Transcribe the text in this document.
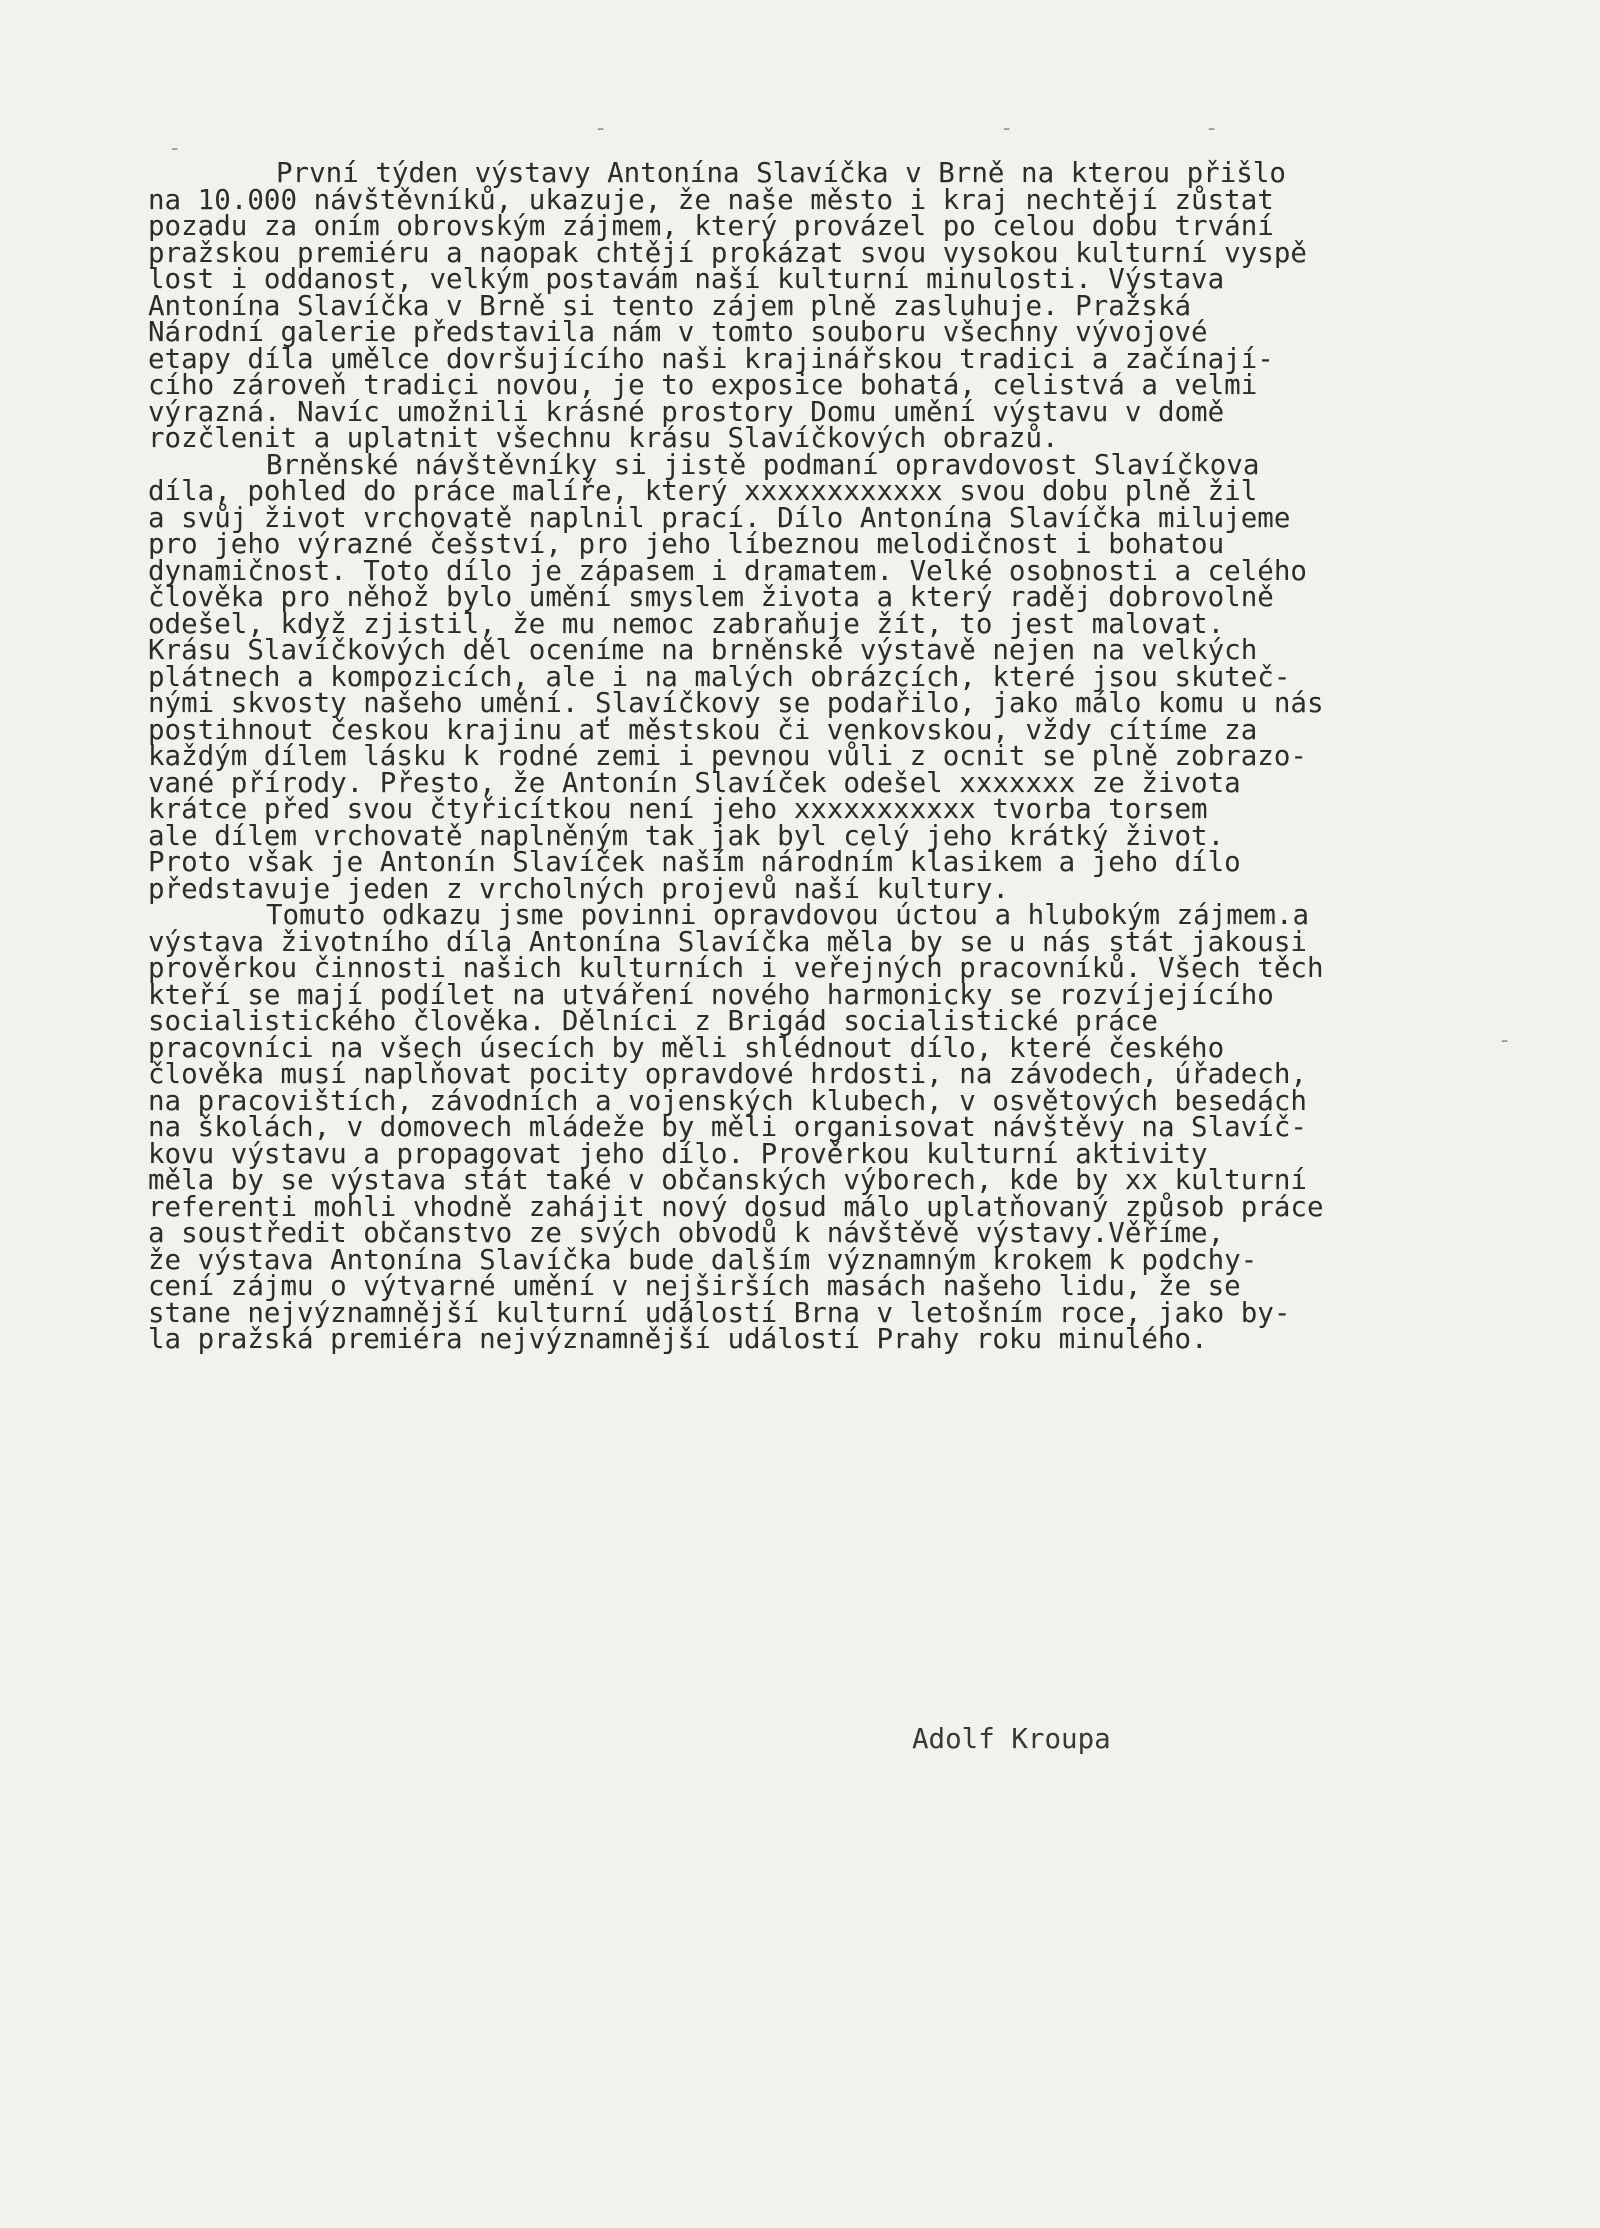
-
-	-	-
-
První týden výstavy Antonína Slavíčka v Brně na kterou přišlo
na 10.000 návštěvníků, ukazuje, že naše město i kraj nechtějí zůstat
pozadu za oním obrovským zájmem, který provázel po celou dobu trvání
pražskou premiéru a naopak chtějí prokázat svou vysokou kulturní vyspě
lost i oddanost, velkým postavám naší kulturní minulosti. Výstava
Antonína Slavíčka v Brně si tento zájem plně zasluhuje. Pražská
Národní galerie představila nám v tomto souboru všechny vývojové
etapy díla umělce dovršujícího naši krajinářskou tradici a začínají-
cího zároveň tradici novou, je to exposice bohatá, celistvá a velmi
výrazná. Navíc umožnili krásné prostory Domu umění výstavu v domě
rozčlenit a uplatnit všechnu krásu Slavíčkových obrazů.
Brněnské návštěvníky si jistě podmaní opravdovost Slavíčkova
díla, pohled do práce malíře, který xxxxxxxxxxxx svou dobu plně žil
a svůj život vrchovatě naplnil prací. Dílo Antonína Slavíčka milujeme
pro jeho výrazné češství, pro jeho líbeznou melodičnost i bohatou
dynamičnost. Toto dílo je zápasem i dramatem. Velké osobnosti a celého
člověka pro něhož bylo umění smyslem života a který raděj dobrovolně
odešel, když zjistil, že mu nemoc zabraňuje žít, to jest malovat.
Krásu Slavíčkových děl oceníme na brněnské výstavě nejen na velkých
plátnech a kompozicích, ale i na malých obrázcích, které jsou skuteč-
nými skvosty našeho umění. Slavíčkovy se podařilo, jako málo komu u nás
postihnout českou krajinu ať městskou či venkovskou, vždy cítíme za
každým dílem lásku k rodné zemi i pevnou vůli z ocnit se plně zobrazo-
vané přírody. Přesto, že Antonín Slavíček odešel xxxxxxx ze života
krátce před svou čtyřicítkou není jeho xxxxxxxxxxx tvorba torsem
ale dílem vrchovatě naplněným tak jak byl celý jeho krátký život.
Proto však je Antonín Slavíček naším národním klasikem a jeho dílo
představuje jeden z vrcholných projevů naší kultury.
Tomuto odkazu jsme povinni opravdovou úctou a hlubokým zájmem.a
výstava životního díla Antonína Slavíčka měla by se u nás stát jakousi
prověrkou činnosti našich kulturních i veřejných pracovníků. Všech těch
kteří se mají podílet na utváření nového harmonicky se rozvíjejícího
socialistického člověka. Dělníci z Brigád socialistické práce
pracovníci na všech úsecích by měli shlédnout dílo, které českého
člověka musí naplňovat pocity opravdové hrdosti, na závodech, úřadech,
na pracovištích, závodních a vojenských klubech, v osvětových besedách
na školách, v domovech mládeže by měli organisovat návštěvy na Slavíč-
kovu výstavu a propagovat jeho dílo. Prověrkou kulturní aktivity
měla by se výstava stát také v občanských výborech, kde by xx kulturní
referenti mohli vhodně zahájit nový dosud málo uplatňovaný způsob práce
a soustředit občanstvo ze svých obvodů k návštěvě výstavy.Věříme,
že výstava Antonína Slavíčka bude dalším významným krokem k podchy-
cení zájmu o výtvarné umění v nejširších masách našeho lidu, že se
stane nejvýznamnější kulturní událostí Brna v letošním roce, jako by-
la pražská premiéra nejvýznamnější událostí Prahy roku minulého.
Adolf Kroupa
